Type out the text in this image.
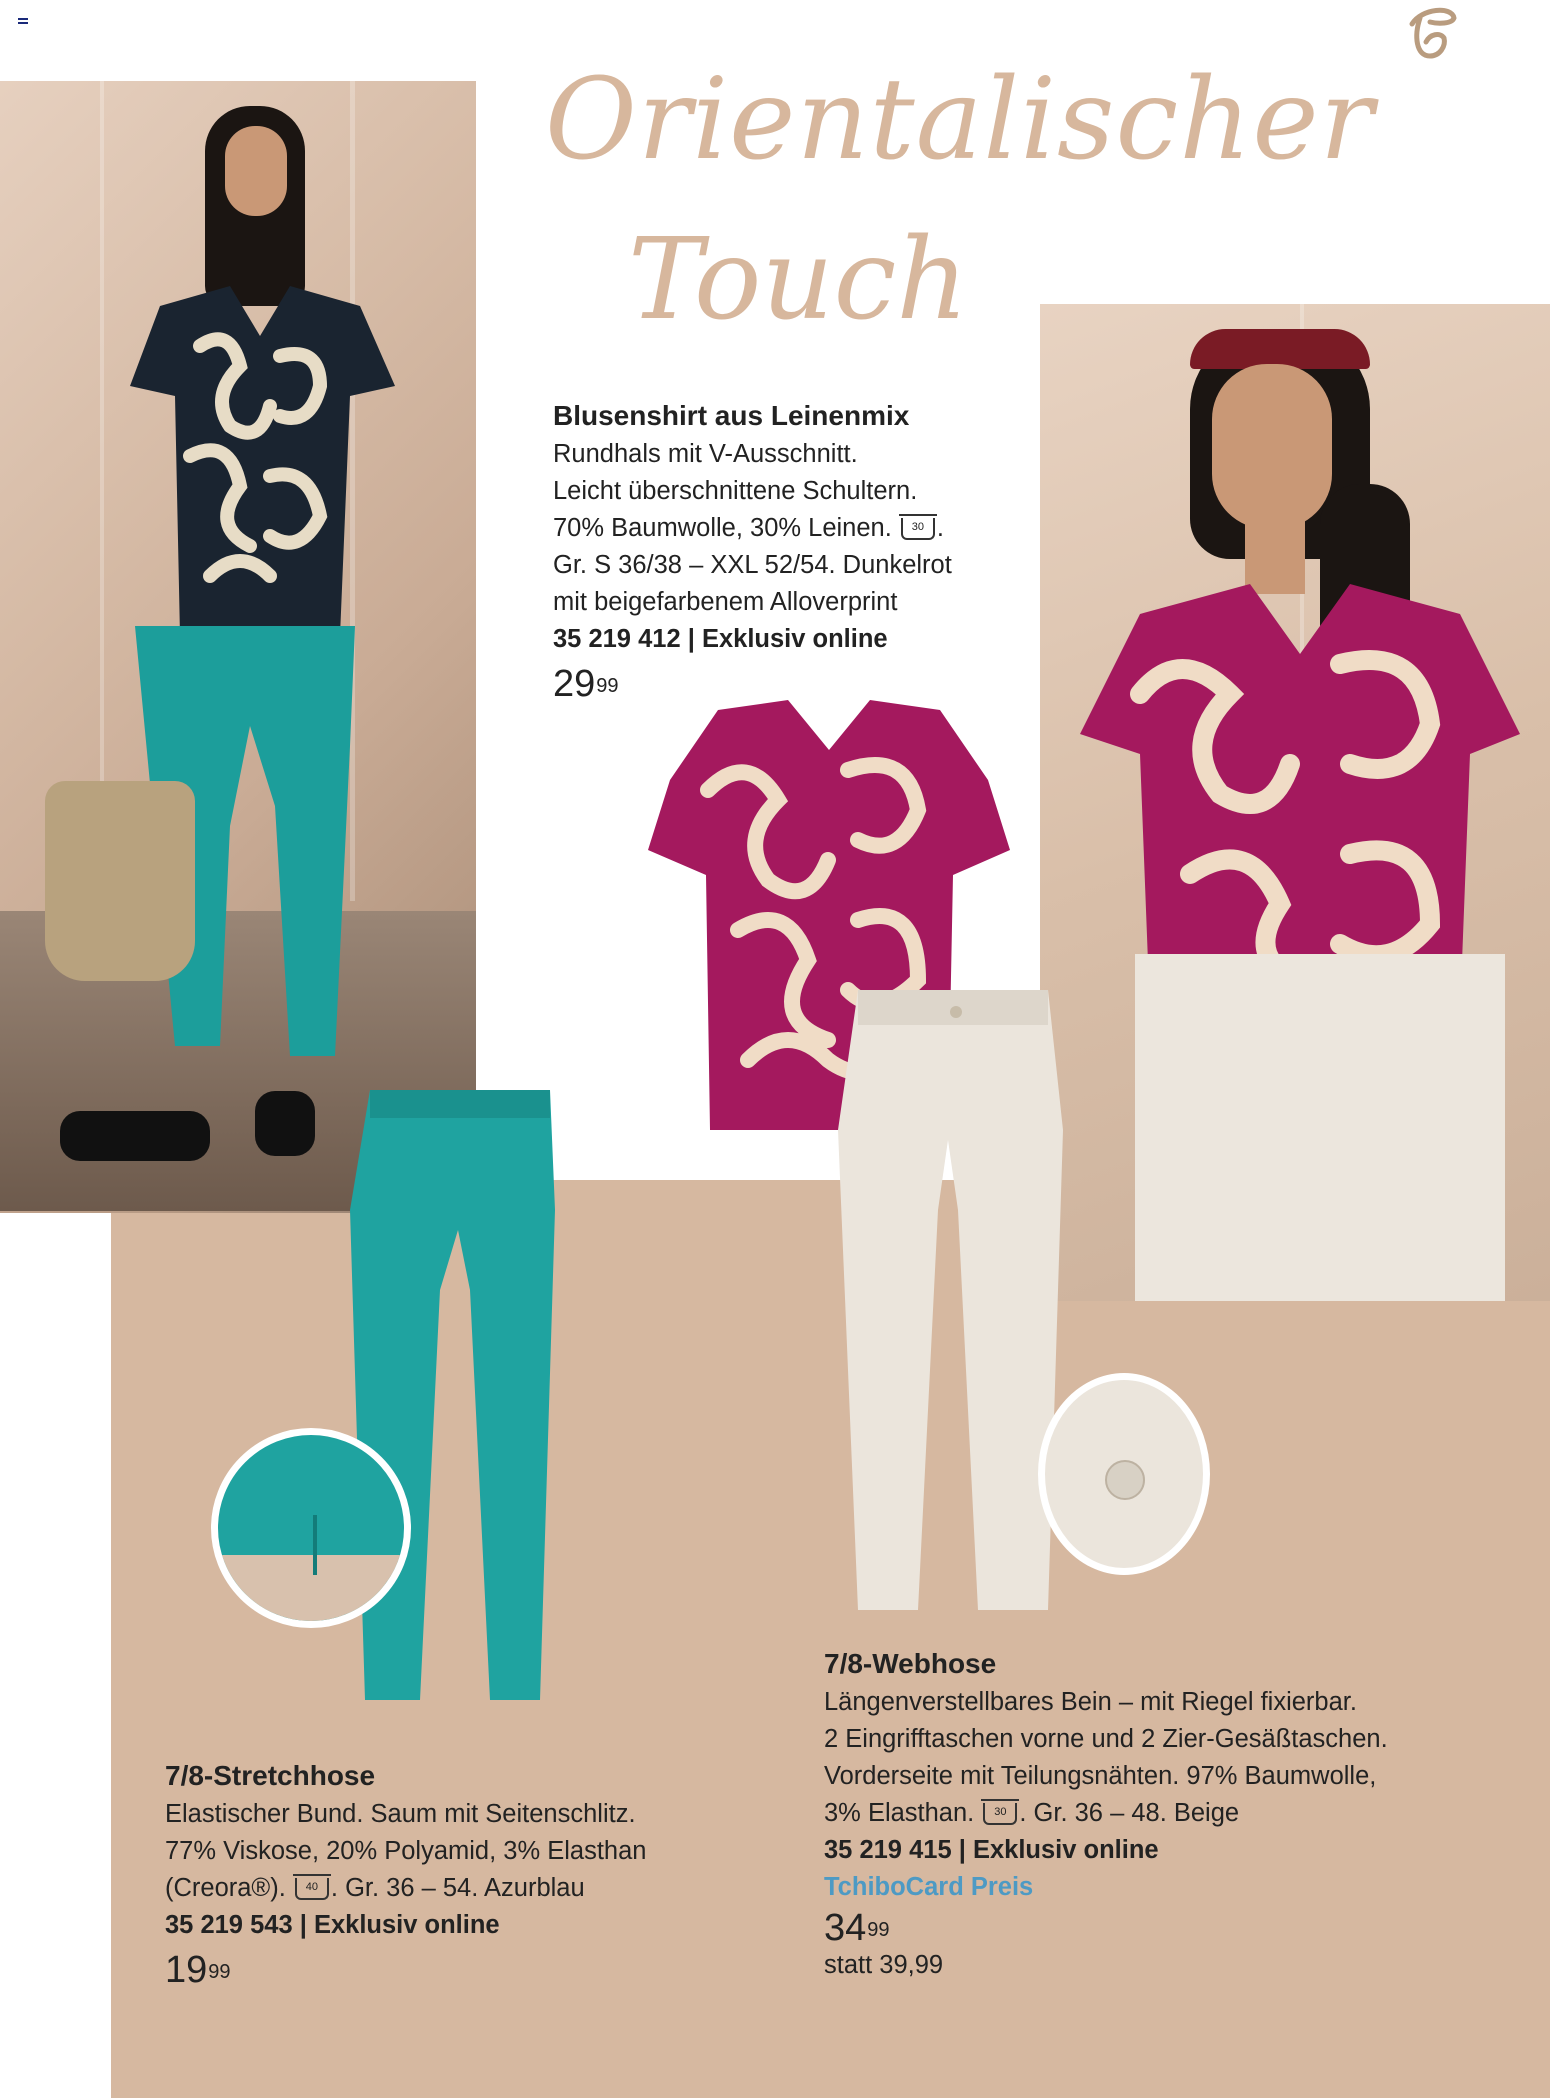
Orientalischer
Touch
Blusenshirt aus Leinenmix
Rundhals mit V-Ausschnitt.
Leicht überschnittene Schultern.
70% Baumwolle, 30% Leinen. 30 .
Gr. S 36/38 – XXL 52/54. Dunkelrot
mit beigefarbenem Alloverprint
35 219 412 | Exklusiv online
$29^{99}$
7/8-Stretchhose
Elastischer Bund. Saum mit Seitenschlitz.
77% Viskose, 20% Polyamid, 3% Elasthan
(Creora®). 40 . Gr. 36 – 54. Azurblau
35 219 543 | Exklusiv online
$19^{99}$
7/8-Webhose
Längenverstellbares Bein – mit Riegel fixierbar.
2 Eingrifftaschen vorne und 2 Zier-Gesäßtaschen.
Vorderseite mit Teilungsnähten. 97% Baumwolle,
3% Elasthan. 30 . Gr. 36 – 48. Beige
35 219 415 | Exklusiv online
TchiboCard Preis
$34^{99}$
statt 39,99
